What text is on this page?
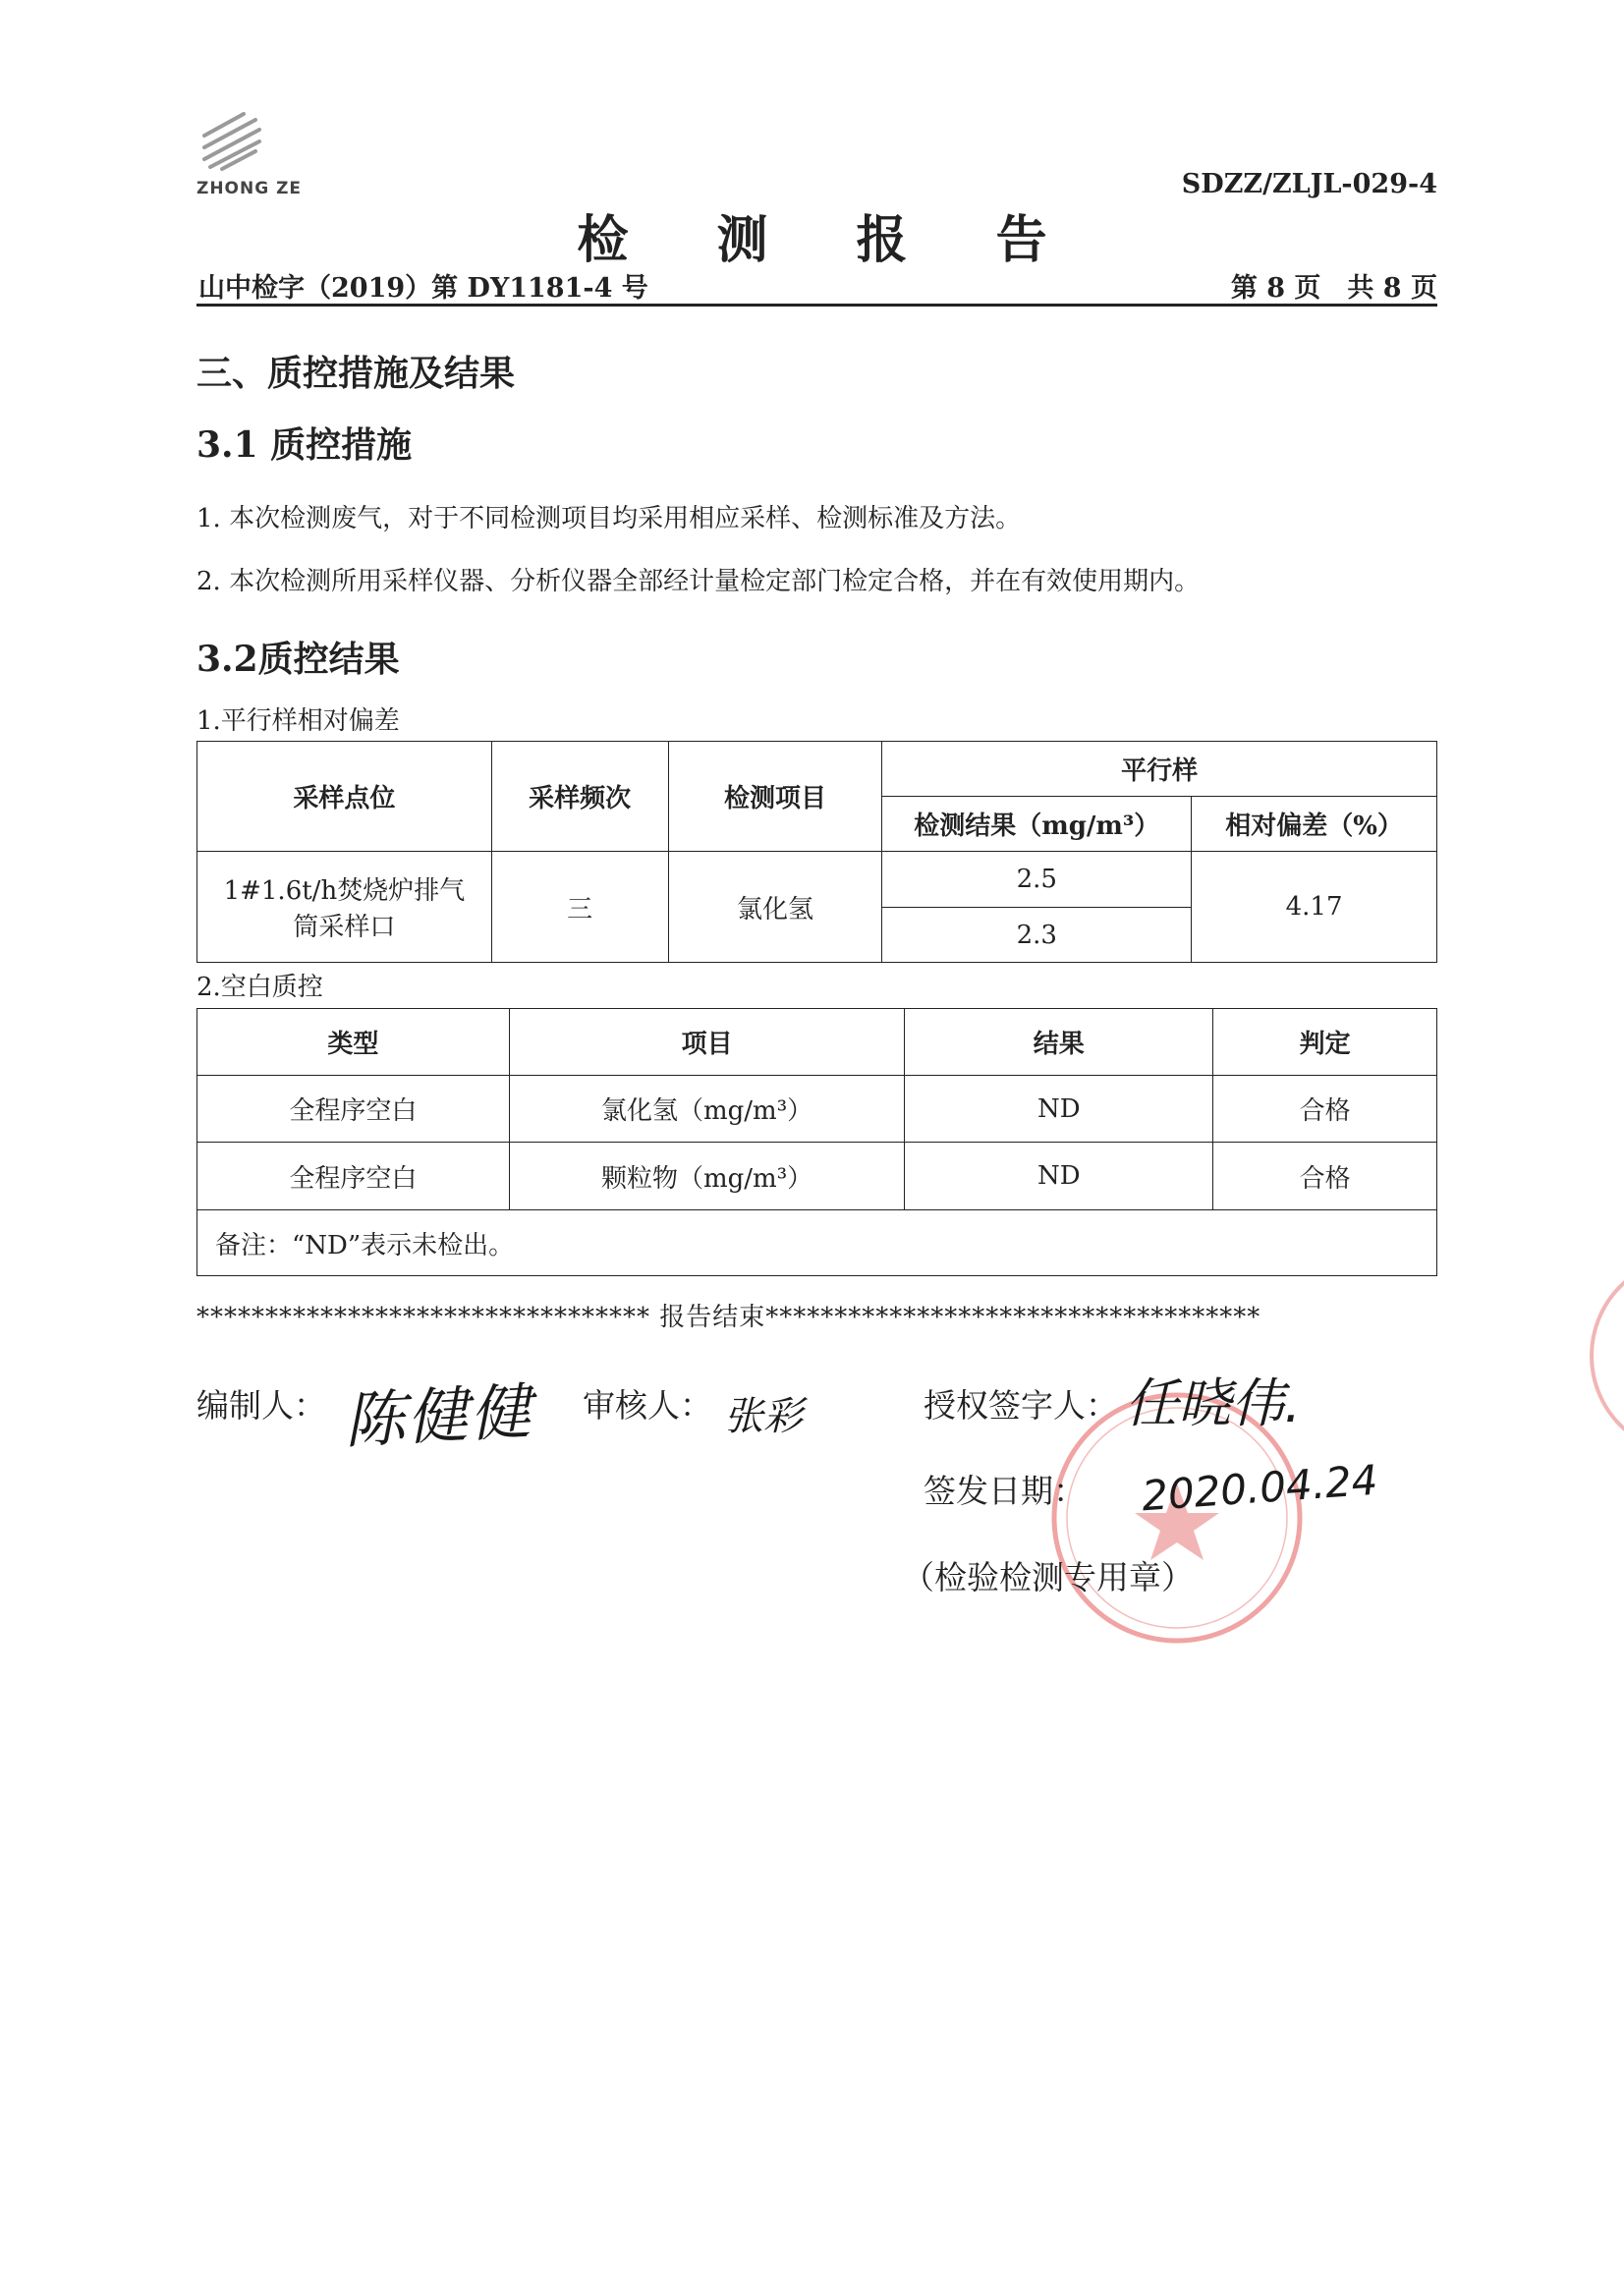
ZHONG ZE	SDZZ/ZLJL-029-4
检 测 报 告
山中检字（2019）第 DY1181-4 号	第 8 页　共 8 页
三、质控措施及结果
3.1 质控措施
1. 本次检测废气，对于不同检测项目均采用相应采样、检测标准及方法。
2. 本次检测所用采样仪器、分析仪器全部经计量检定部门检定合格，并在有效使用期内。
3.2质控结果
1.平行样相对偏差
采样点位	采样频次	检测项目	平行样	
			检测结果（mg/m³）	相对偏差（%）

1#1.6t/h焚烧炉排气
筒采样口	三	氯化氢	2.5	4.17
			2.3	
2.空白质控
类型	项目	结果	判定
全程序空白	氯化氢（mg/m³）	ND	合格
全程序空白	颗粒物（mg/m³）	ND	合格
备注：“ND”表示未检出。			
********************************* 报告结束************************************
编制人： 陈健健 审核人： 张彩	授权签字人： 任晓伟.
签发日期： 2020.04.24
（检验检测专用章）
